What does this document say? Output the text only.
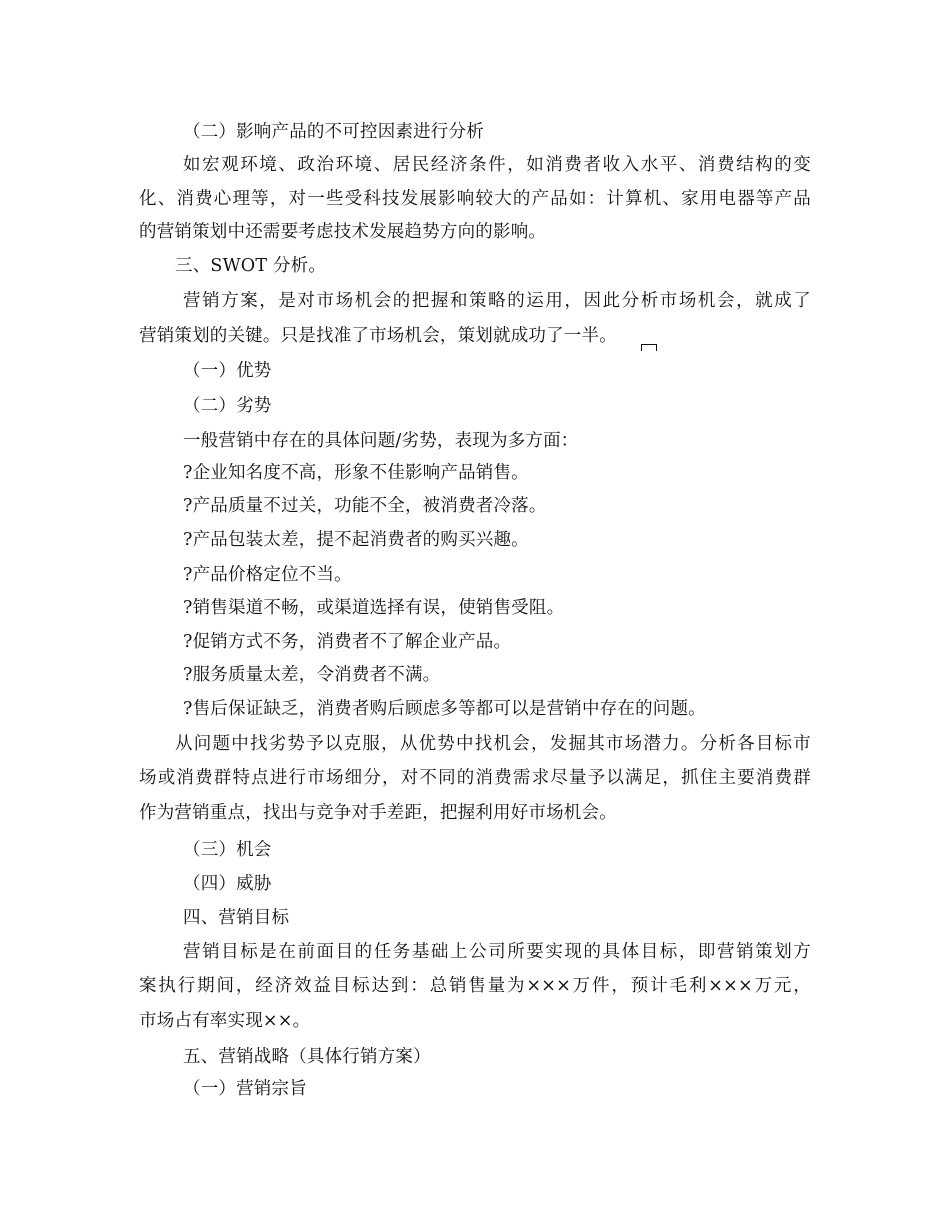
（二）影响产品的不可控因素进行分析
如宏观环境、政治环境、居民经济条件，如消费者收入水平、消费结构的变
化、消费心理等，对一些受科技发展影响较大的产品如：计算机、家用电器等产品
的营销策划中还需要考虑技术发展趋势方向的影响。
三、SWOT 分析。
营销方案，是对市场机会的把握和策略的运用，因此分析市场机会，就成了
营销策划的关键。只是找准了市场机会，策划就成功了一半。
（一）优势
（二）劣势
一般营销中存在的具体问题/劣势，表现为多方面：
?企业知名度不高，形象不佳影响产品销售。
?产品质量不过关，功能不全，被消费者冷落。
?产品包装太差，提不起消费者的购买兴趣。
?产品价格定位不当。
?销售渠道不畅，或渠道选择有误，使销售受阻。
?促销方式不务，消费者不了解企业产品。
?服务质量太差，令消费者不满。
?售后保证缺乏，消费者购后顾虑多等都可以是营销中存在的问题。
从问题中找劣势予以克服，从优势中找机会，发掘其市场潜力。分析各目标市
场或消费群特点进行市场细分，对不同的消费需求尽量予以满足，抓住主要消费群
作为营销重点，找出与竞争对手差距，把握利用好市场机会。
（三）机会
（四）威胁
四、营销目标
营销目标是在前面目的任务基础上公司所要实现的具体目标，即营销策划方
案执行期间，经济效益目标达到：总销售量为×××万件，预计毛利×××万元，
市场占有率实现××。
五、营销战略（具体行销方案）
（一）营销宗旨
